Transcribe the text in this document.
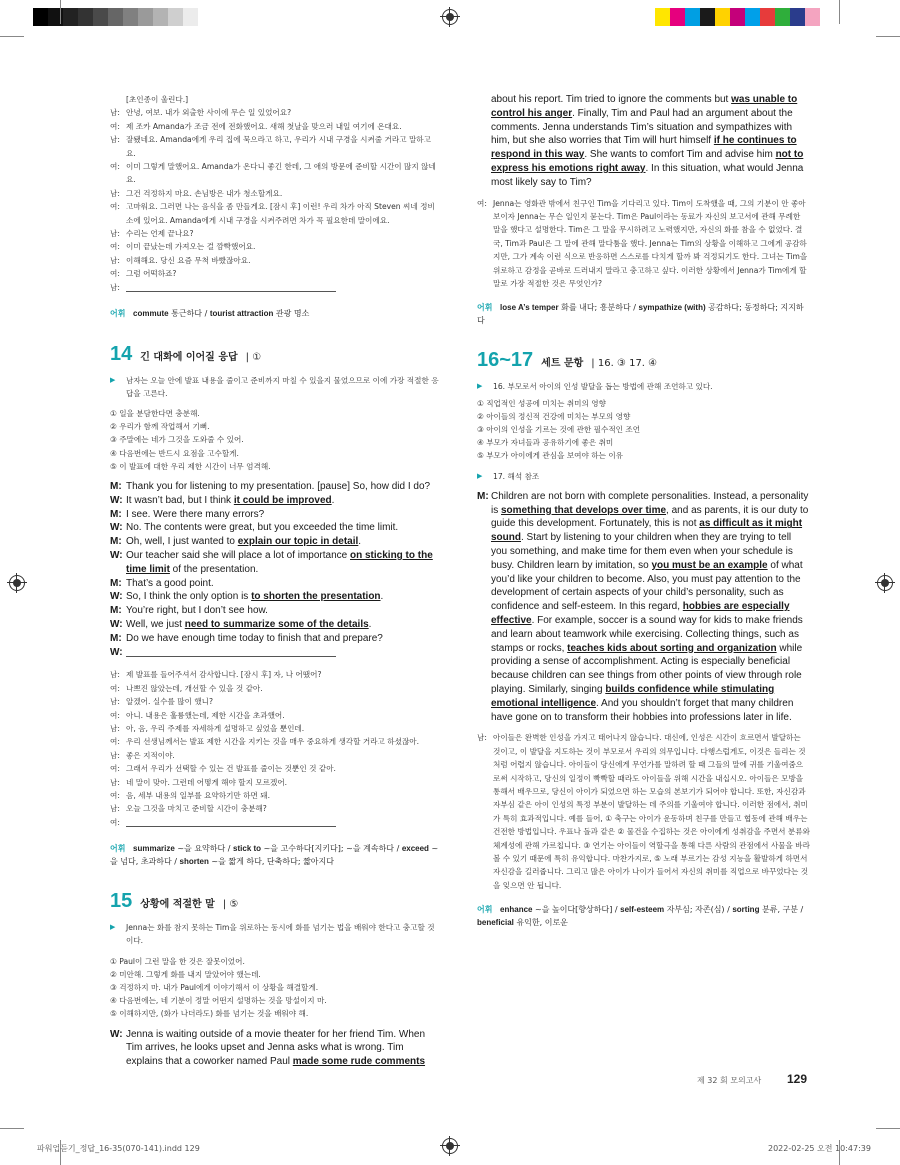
[초인종이 울린다.]
남: 안녕, 여보. 내가 외출한 사이에 무슨 일 있었어요?
여: 제 조카 Amanda가 조금 전에 전화했어요. 새해 첫날을 맞으러 내일 여기에 온대요.
남: 잘됐네요. Amanda에게 우리 집에 묵으라고 하고, 우리가 시내 구경을 시켜줄 거라고 말하고요.
여: 이미 그렇게 말했어요. Amanda가 온다니 좋긴 한데, 그 애의 방문에 준비할 시간이 많지 않네요.
남: 그건 걱정하지 마요. 손님방은 내가 청소할게요.
여: 고마워요. 그러면 나는 음식을 좀 만들게요. [잠시 후] 이런! 우리 차가 아직 Steven 씨네 정비소에 있어요. Amanda에게 시내 구경을 시켜주려면 차가 꼭 필요한데 말이에요.
남: 수리는 언제 끝나요?
여: 이미 끝났는데 가져오는 걸 깜빡했어요.
남: 이해해요. 당신 요즘 무척 바빴잖아요.
여: 그럼 어떡하죠?
남:
어휘 commute 통근하다 / tourist attraction 관광 명소
14 긴 대화에 이어질 응답 | ①
▶ 남자는 오늘 안에 발표 내용을 줄이고 준비까지 마칠 수 있을지 물었으므로 이에 가장 적절한 응답을 고른다.
① 일을 분담한다면 충분해.
② 우리가 함께 작업해서 기뻐.
③ 주말에는 네가 그것을 도와줄 수 있어.
④ 다음번에는 반드시 요점을 고수할게.
⑤ 이 발표에 대한 우리 제한 시간이 너무 엄격해.
M: Thank you for listening to my presentation. [pause] So, how did I do?
W: It wasn’t bad, but I think it could be improved.
M: I see. Were there many errors?
W: No. The contents were great, but you exceeded the time limit.
M: Oh, well, I just wanted to explain our topic in detail.
W: Our teacher said she will place a lot of importance on sticking to the time limit of the presentation.
M: That’s a good point.
W: So, I think the only option is to shorten the presentation.
M: You’re right, but I don’t see how.
W: Well, we just need to summarize some of the details.
M: Do we have enough time today to finish that and prepare?
W:
남: 제 발표를 들어주셔서 감사합니다. [잠시 후] 자, 나 어땠어?
여: 나쁘진 않았는데, 개선할 수 있을 것 같아.
남: 알겠어. 실수를 많이 했니?
여: 아니. 내용은 훌륭했는데, 제한 시간을 초과했어.
남: 아, 음, 우리 주제를 자세하게 설명하고 싶었을 뿐인데.
여: 우리 선생님께서는 발표 제한 시간을 지키는 것을 매우 중요하게 생각할 거라고 하셨잖아.
남: 좋은 지적이야.
여: 그래서 우리가 선택할 수 있는 건 발표를 줄이는 것뿐인 것 같아.
남: 네 말이 맞아. 그런데 어떻게 해야 할지 모르겠어.
여: 음, 세부 내용의 일부를 요약하기만 하면 돼.
남: 오늘 그것을 마치고 준비할 시간이 충분해?
여:
어휘 summarize ~을 요약하다 / stick to ~을 고수하다[지키다]; ~을 계속하다 / exceed ~을 넘다, 초과하다 / shorten ~을 짧게 하다, 단축하다; 짧아지다
15 상황에 적절한 말 | ⑤
▶ Jenna는 화를 참지 못하는 Tim을 위로하는 동시에 화를 넘기는 법을 배워야 한다고 충고할 것이다.
① Paul이 그런 말을 한 것은 잘못이었어.
② 미안해. 그렇게 화를 내지 말았어야 했는데.
③ 걱정하지 마. 내가 Paul에게 이야기해서 이 상황을 해결할게.
④ 다음번에는, 네 기분이 정말 어떤지 설명하는 것을 망설이지 마.
⑤ 이해하지만, (화가 나더라도) 화를 넘기는 것을 배워야 해.
W: Jenna is waiting outside of a movie theater for her friend Tim. When Tim arrives, he looks upset and Jenna asks what is wrong. Tim explains that a coworker named Paul made some rude comments
about his report. Tim tried to ignore the comments but was unable to control his anger. Finally, Tim and Paul had an argument about the comments. Jenna understands Tim’s situation and sympathizes with him, but she also worries that Tim will hurt himself if he continues to respond in this way. She wants to comfort Tim and advise him not to express his emotions right away. In this situation, what would Jenna most likely say to Tim?
여: Jenna는 영화관 밖에서 친구인 Tim을 기다리고 있다. Tim이 도착했을 때, 그의 기분이 안 좋아 보이자 Jenna는 무슨 일인지 묻는다. Tim은 Paul이라는 동료가 자신의 보고서에 관해 무례한 말을 했다고 설명한다. Tim은 그 말을 무시하려고 노력했지만, 자신의 화를 참을 수 없었다. 결국, Tim과 Paul은 그 말에 관해 말다툼을 했다. Jenna는 Tim의 상황을 이해하고 그에게 공감하지만, 그가 계속 이런 식으로 반응하면 스스로를 다치게 할까 봐 걱정되기도 한다. 그녀는 Tim을 위로하고 감정을 곧바로 드러내지 말라고 충고하고 싶다. 이러한 상황에서 Jenna가 Tim에게 할 말로 가장 적절한 것은 무엇인가?
어휘 lose A’s temper 화를 내다; 흥분하다 / sympathize (with) 공감하다; 동정하다; 지지하다
16~17 세트 문항 | 16. ③ 17. ④
▶ 16. 부모로서 아이의 인성 발달을 돕는 방법에 관해 조언하고 있다.
① 직업적인 성공에 미치는 취미의 영향
② 아이들의 정신적 건강에 미치는 부모의 영향
③ 아이의 인성을 기르는 것에 관한 필수적인 조언
④ 부모가 자녀들과 공유하기에 좋은 취미
⑤ 부모가 아이에게 관심을 보여야 하는 이유
▶ 17. 해석 참조
M: Children are not born with complete personalities. Instead, a personality is something that develops over time, and as parents, it is our duty to guide this development. Fortunately, this is not as difficult as it might sound. Start by listening to your children when they are trying to tell you something, and make time for them even when your schedule is busy. Children learn by imitation, so you must be an example of what you’d like your children to become. Also, you must pay attention to the development of certain aspects of your child’s personality, such as confidence and self-esteem. In this regard, hobbies are especially effective. For example, soccer is a sound way for kids to make friends and learn about teamwork while exercising. Collecting things, such as stamps or rocks, teaches kids about sorting and organization while providing a sense of accomplishment. Acting is especially beneficial because children can see things from other points of view through role playing. Similarly, singing builds confidence while stimulating emotional intelligence. And you shouldn’t forget that many children have gone on to transform their hobbies into professions later in life.
남: 아이들은 완벽한 인성을 가지고 태어나지 않습니다. 대신에, 인성은 시간이 흐르면서 발달하는 것이고, 이 발달을 지도하는 것이 부모로서 우리의 의무입니다. 다행스럽게도, 이것은 들리는 것처럼 어렵지 않습니다. 아이들이 당신에게 무언가를 말하려 할 때 그들의 말에 귀를 기울여줌으로써 시작하고, 당신의 일정이 빡빡할 때라도 아이들을 위해 시간을 내십시오. 아이들은 모방을 통해서 배우므로, 당신이 아이가 되었으면 하는 모습의 본보기가 되어야 합니다. 또한, 자신감과 자부심 같은 아이 인성의 특정 부분이 발달하는 데 주의를 기울여야 합니다. 이러한 점에서, 취미가 특히 효과적입니다. 예를 들어, ① 축구는 아이가 운동하며 친구를 만들고 협동에 관해 배우는 건전한 방법입니다. 우표나 돌과 같은 ② 물건을 수집하는 것은 아이에게 성취감을 주면서 분류와 체계성에 관해 가르칩니다. ③ 연기는 아이들이 역할극을 통해 다른 사람의 관점에서 사물을 바라볼 수 있기 때문에 특히 유익합니다. 마찬가지로, ⑤ 노래 부르기는 감성 지능을 활발하게 하면서 자신감을 길러줍니다. 그리고 많은 아이가 나이가 들어서 자신의 취미를 직업으로 바꾸었다는 것을 잊으면 안 됩니다.
어휘 enhance ~을 높이다[향상하다] / self-esteem 자부심; 자존(심) / sorting 분류, 구분 / beneficial 유익한, 이로운
제 32 회 모의고사 129
파워업듣기_정답_16-35(070-141).indd 129	2022-02-25 오전 10:47:39
